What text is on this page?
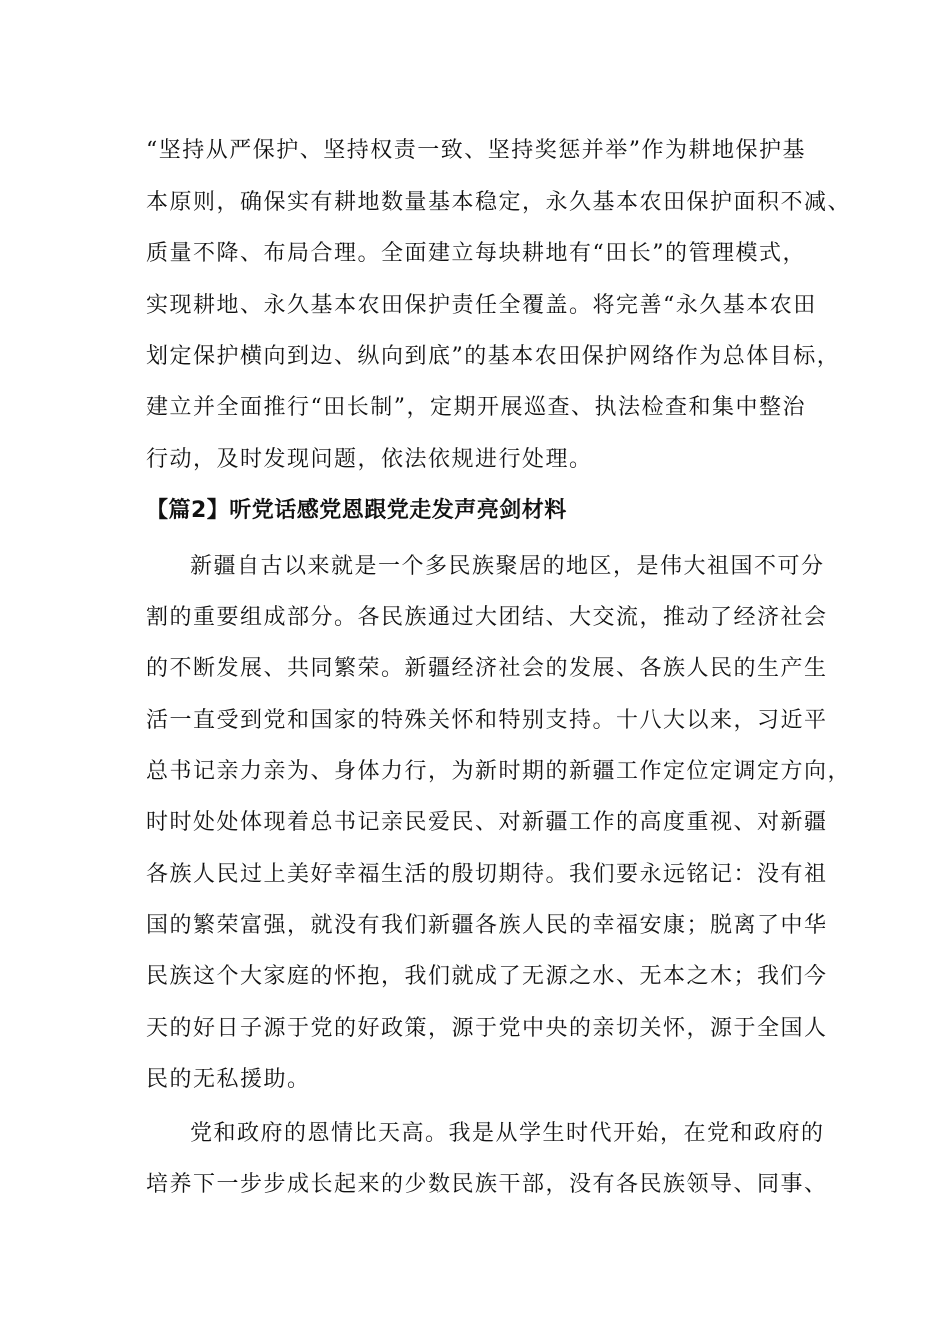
“坚持从严保护、坚持权责一致、坚持奖惩并举”作为耕地保护基
本原则，确保实有耕地数量基本稳定，永久基本农田保护面积不减、
质量不降、布局合理。全面建立每块耕地有“田长”的管理模式，
实现耕地、永久基本农田保护责任全覆盖。将完善“永久基本农田
划定保护横向到边、纵向到底”的基本农田保护网络作为总体目标，
建立并全面推行“田长制”，定期开展巡查、执法检查和集中整治
行动，及时发现问题，依法依规进行处理。
【篇2】听党话感党恩跟党走发声亮剑材料
新疆自古以来就是一个多民族聚居的地区，是伟大祖国不可分
割的重要组成部分。各民族通过大团结、大交流，推动了经济社会
的不断发展、共同繁荣。新疆经济社会的发展、各族人民的生产生
活一直受到党和国家的特殊关怀和特别支持。十八大以来，习近平
总书记亲力亲为、身体力行，为新时期的新疆工作定位定调定方向，
时时处处体现着总书记亲民爱民、对新疆工作的高度重视、对新疆
各族人民过上美好幸福生活的殷切期待。我们要永远铭记：没有祖
国的繁荣富强，就没有我们新疆各族人民的幸福安康；脱离了中华
民族这个大家庭的怀抱，我们就成了无源之水、无本之木；我们今
天的好日子源于党的好政策，源于党中央的亲切关怀，源于全国人
民的无私援助。
党和政府的恩情比天高。我是从学生时代开始，在党和政府的
培养下一步步成长起来的少数民族干部，没有各民族领导、同事、
